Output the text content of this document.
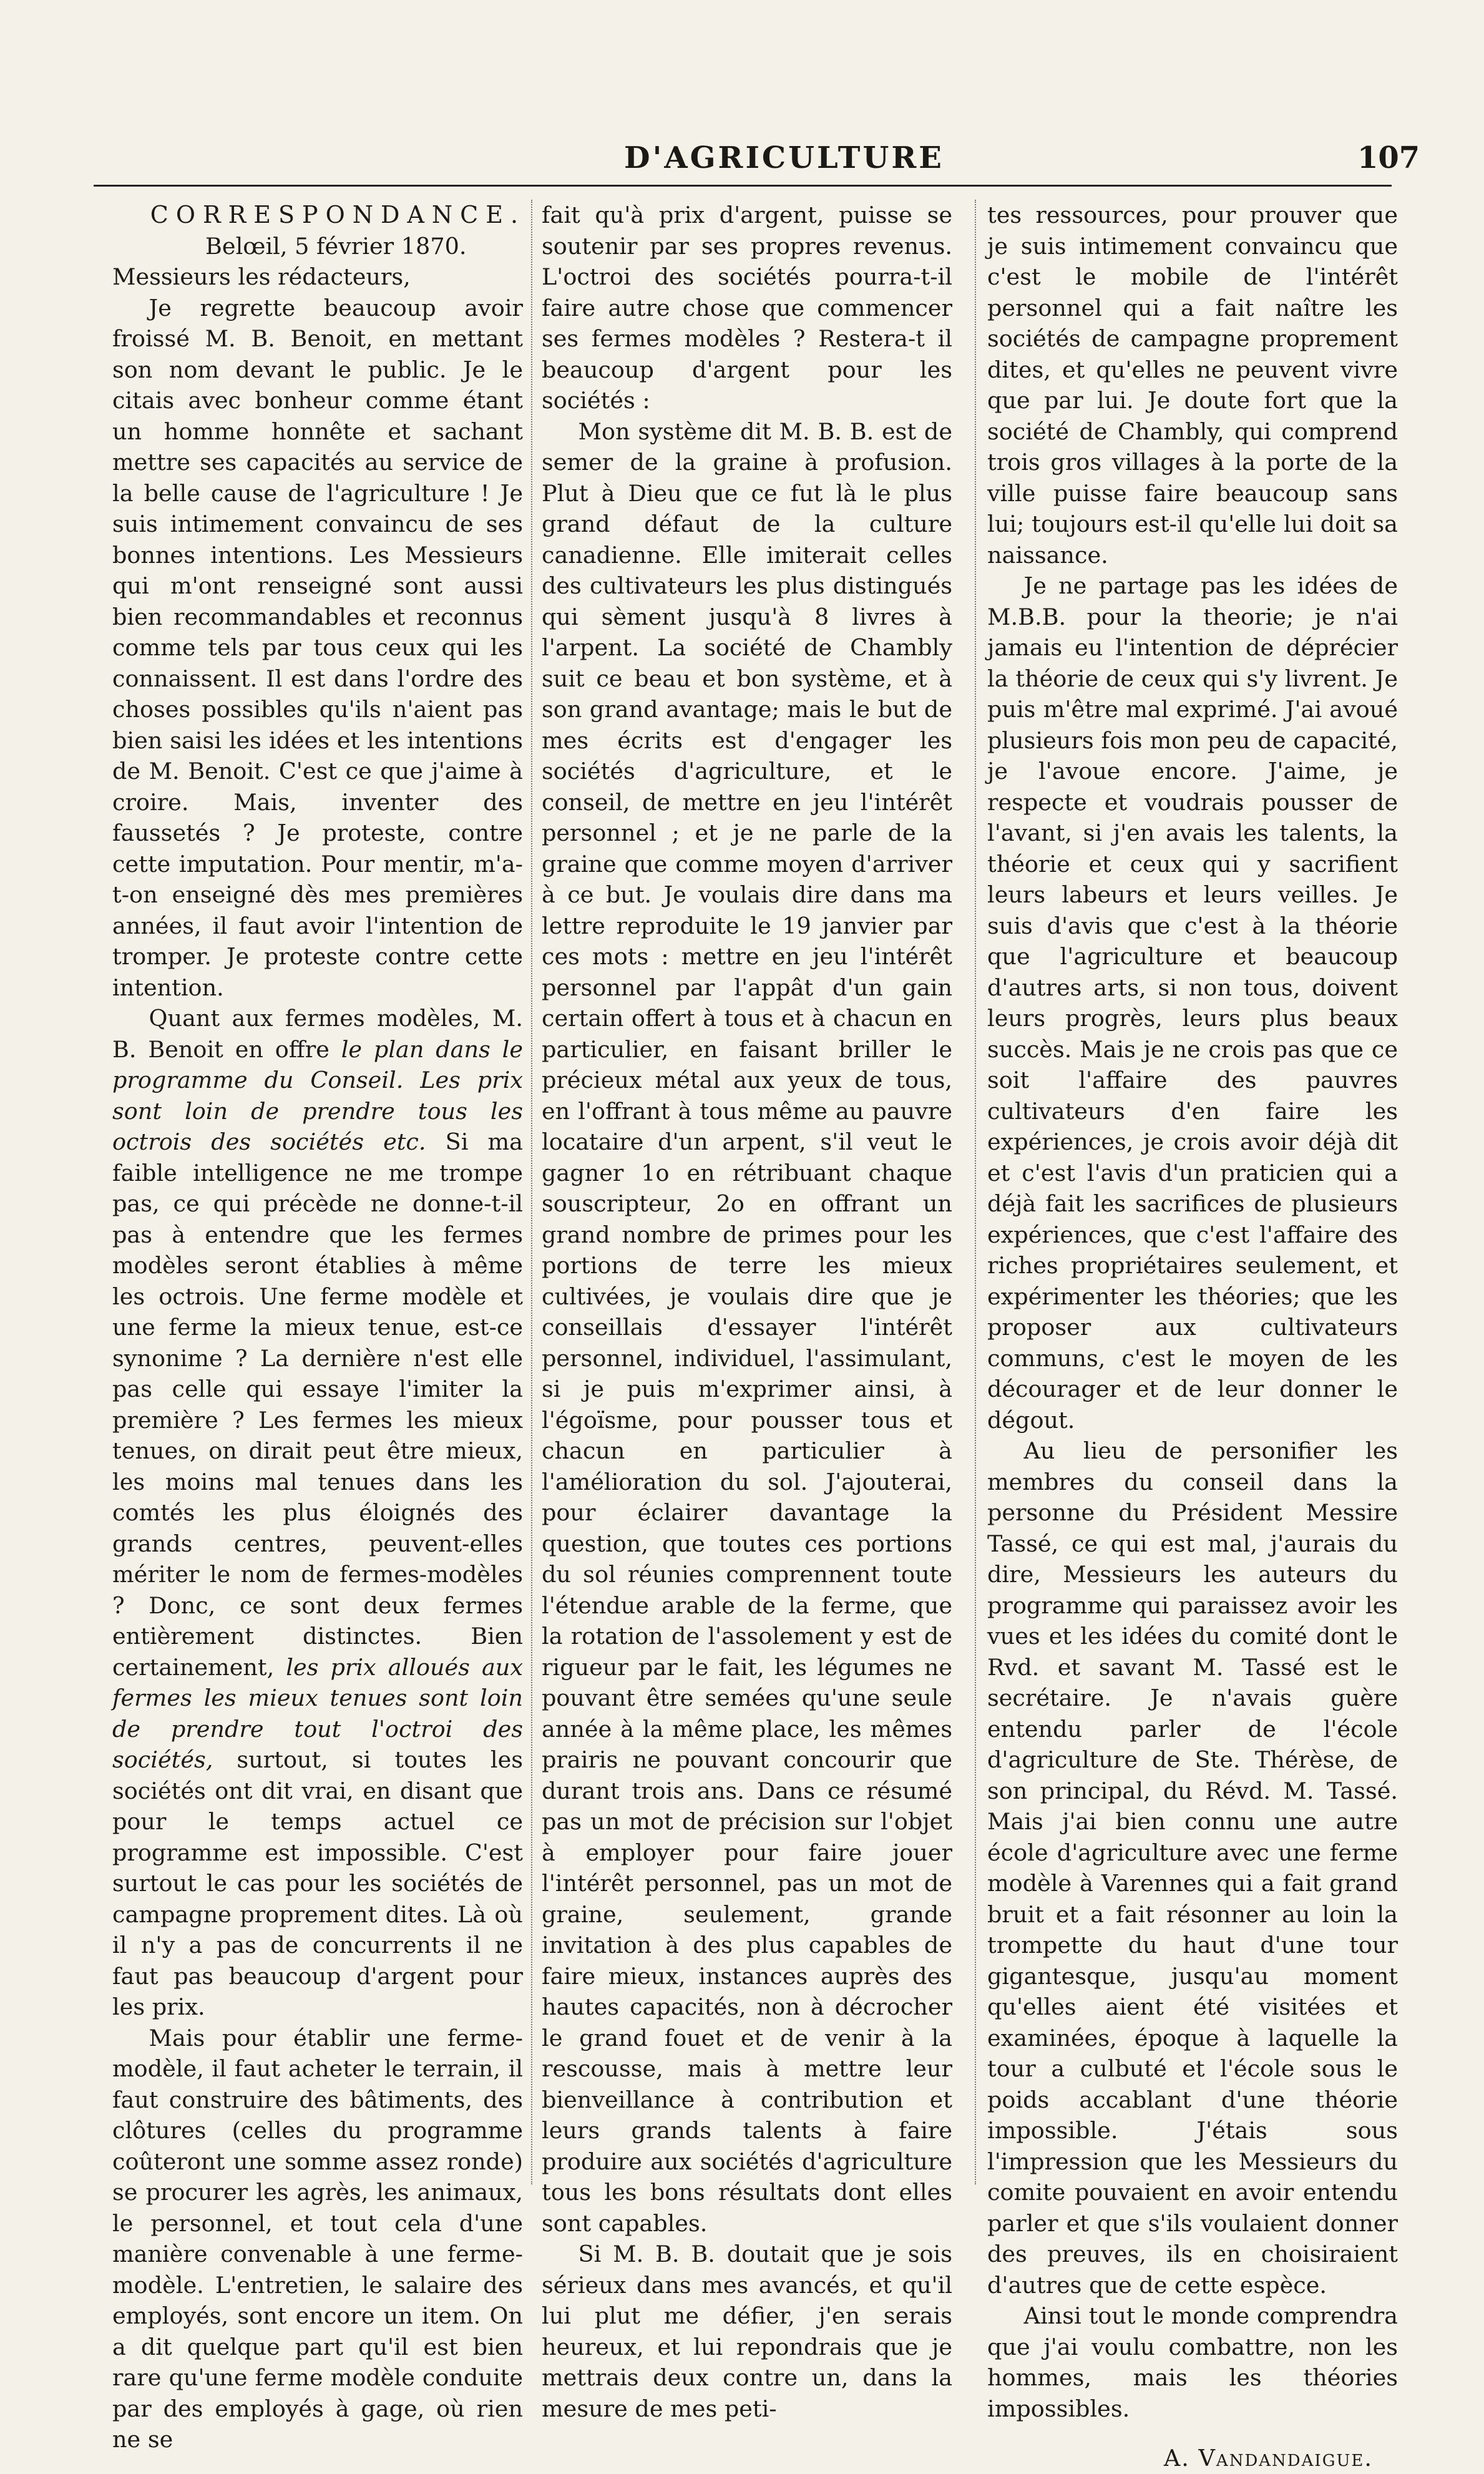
D'AGRICULTURE	107

CORRESPONDANCE.

Belœil, 5 février 1870.

Messieurs les rédacteurs,

Je regrette beaucoup avoir froissé M. B. Benoit, en mettant son nom devant le public. Je le citais avec bonheur comme étant un homme honnête et sachant mettre ses capacités au service de la belle cause de l'agriculture ! Je suis intimement convaincu de ses bonnes intentions. Les Messieurs qui m'ont renseigné sont aussi bien recommandables et reconnus comme tels par tous ceux qui les connaissent. Il est dans l'ordre des choses possibles qu'ils n'aient pas bien saisi les idées et les intentions de M. Benoit. C'est ce que j'aime à croire. Mais, inventer des faussetés ? Je proteste, contre cette imputation. Pour mentir, m'a-t-on enseigné dès mes premières années, il faut avoir l'intention de tromper. Je proteste contre cette intention.

Quant aux fermes modèles, M. B. Benoit en offre le plan dans le programme du Conseil. Les prix sont loin de prendre tous les octrois des sociétés etc. Si ma faible intelligence ne me trompe pas, ce qui précède ne donne-t-il pas à entendre que les fermes modèles seront établies à même les octrois. Une ferme modèle et une ferme la mieux tenue, est-ce synonime ? La dernière n'est elle pas celle qui essaye l'imiter la première ? Les fermes les mieux tenues, on dirait peut être mieux, les moins mal tenues dans les comtés les plus éloignés des grands centres, peuvent-elles mériter le nom de fermes-modèles ? Donc, ce sont deux fermes entièrement distinctes. Bien certainement, les prix alloués aux fermes les mieux tenues sont loin de prendre tout l'octroi des sociétés, surtout, si toutes les sociétés ont dit vrai, en disant que pour le temps actuel ce programme est impossible. C'est surtout le cas pour les sociétés de campagne proprement dites. Là où il n'y a pas de concurrents il ne faut pas beaucoup d'argent pour les prix.

Mais pour établir une ferme-modèle, il faut acheter le terrain, il faut construire des bâtiments, des clôtures (celles du programme coûteront une somme assez ronde) se procurer les agrès, les animaux, le personnel, et tout cela d'une manière convenable à une ferme-modèle. L'entretien, le salaire des employés, sont encore un item. On a dit quelque part qu'il est bien rare qu'une ferme modèle conduite par des employés à gage, où rien ne se

fait qu'à prix d'argent, puisse se soutenir par ses propres revenus. L'octroi des sociétés pourra-t-il faire autre chose que commencer ses fermes modèles ? Restera-t il beaucoup d'argent pour les sociétés :

Mon système dit M. B. B. est de semer de la graine à profusion. Plut à Dieu que ce fut là le plus grand défaut de la culture canadienne. Elle imiterait celles des cultivateurs les plus distingués qui sèment jusqu'à 8 livres à l'arpent. La société de Chambly suit ce beau et bon système, et à son grand avantage; mais le but de mes écrits est d'engager les sociétés d'agriculture, et le conseil, de mettre en jeu l'intérêt personnel ; et je ne parle de la graine que comme moyen d'arriver à ce but. Je voulais dire dans ma lettre reproduite le 19 janvier par ces mots : mettre en jeu l'intérêt personnel par l'appât d'un gain certain offert à tous et à chacun en particulier, en faisant briller le précieux métal aux yeux de tous, en l'offrant à tous même au pauvre locataire d'un arpent, s'il veut le gagner 1o en rétribuant chaque souscripteur, 2o en offrant un grand nombre de primes pour les portions de terre les mieux cultivées, je voulais dire que je conseillais d'essayer l'intérêt personnel, individuel, l'assimulant, si je puis m'exprimer ainsi, à l'égoïsme, pour pousser tous et chacun en particulier à l'amélioration du sol. J'ajouterai, pour éclairer davantage la question, que toutes ces portions du sol réunies comprennent toute l'étendue arable de la ferme, que la rotation de l'assolement y est de rigueur par le fait, les légumes ne pouvant être semées qu'une seule année à la même place, les mêmes prairis ne pouvant concourir que durant trois ans. Dans ce résumé pas un mot de précision sur l'objet à employer pour faire jouer l'intérêt personnel, pas un mot de graine, seulement, grande invitation à des plus capables de faire mieux, instances auprès des hautes capacités, non à décrocher le grand fouet et de venir à la rescousse, mais à mettre leur bienveillance à contribution et leurs grands talents à faire produire aux sociétés d'agriculture tous les bons résultats dont elles sont capables.

Si M. B. B. doutait que je sois sérieux dans mes avancés, et qu'il lui plut me défier, j'en serais heureux, et lui repondrais que je mettrais deux contre un, dans la mesure de mes peti-

tes ressources, pour prouver que je suis intimement convaincu que c'est le mobile de l'intérêt personnel qui a fait naître les sociétés de campagne proprement dites, et qu'elles ne peuvent vivre que par lui. Je doute fort que la société de Chambly, qui comprend trois gros villages à la porte de la ville puisse faire beaucoup sans lui; toujours est-il qu'elle lui doit sa naissance.

Je ne partage pas les idées de M.B.B. pour la theorie; je n'ai jamais eu l'intention de déprécier la théorie de ceux qui s'y livrent. Je puis m'être mal exprimé. J'ai avoué plusieurs fois mon peu de capacité, je l'avoue encore. J'aime, je respecte et voudrais pousser de l'avant, si j'en avais les talents, la théorie et ceux qui y sacrifient leurs labeurs et leurs veilles. Je suis d'avis que c'est à la théorie que l'agriculture et beaucoup d'autres arts, si non tous, doivent leurs progrès, leurs plus beaux succès. Mais je ne crois pas que ce soit l'affaire des pauvres cultivateurs d'en faire les expériences, je crois avoir déjà dit et c'est l'avis d'un praticien qui a déjà fait les sacrifices de plusieurs expériences, que c'est l'affaire des riches propriétaires seulement, et expérimenter les théories; que les proposer aux cultivateurs communs, c'est le moyen de les décourager et de leur donner le dégout.

Au lieu de personifier les membres du conseil dans la personne du Président Messire Tassé, ce qui est mal, j'aurais du dire, Messieurs les auteurs du programme qui paraissez avoir les vues et les idées du comité dont le Rvd. et savant M. Tassé est le secrétaire. Je n'avais guère entendu parler de l'école d'agriculture de Ste. Thérèse, de son principal, du Révd. M. Tassé. Mais j'ai bien connu une autre école d'agriculture avec une ferme modèle à Varennes qui a fait grand bruit et a fait résonner au loin la trompette du haut d'une tour gigantesque, jusqu'au moment qu'elles aient été visitées et examinées, époque à laquelle la tour a culbuté et l'école sous le poids accablant d'une théorie impossible. J'étais sous l'impression que les Messieurs du comite pouvaient en avoir entendu parler et que s'ils voulaient donner des preuves, ils en choisiraient d'autres que de cette espèce.

Ainsi tout le monde comprendra que j'ai voulu combattre, non les hommes, mais les théories impossibles.

A. Vandandaigue.
